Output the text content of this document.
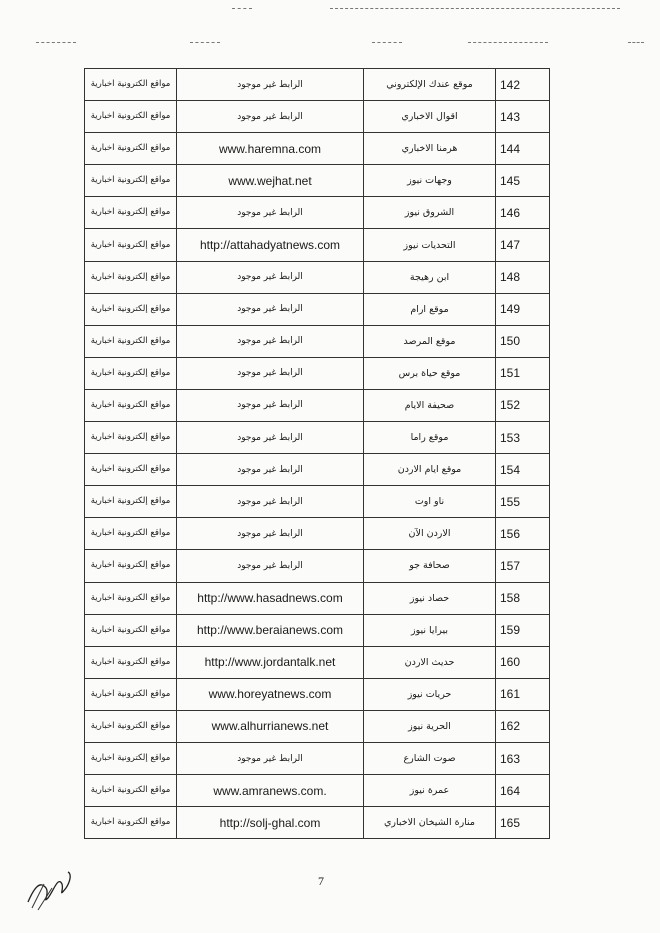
142	موقع عندك الإلكتروني	الرابط غير موجود	مواقع الكترونية اخبارية
143	اقوال الاخباري	الرابط غير موجود	مواقع الكترونية اخبارية
144	هرمنا الاخباري	www.haremna.com	مواقع الكترونية اخبارية
145	وجهات نيوز	www.wejhat.net	مواقع إلكترونية اخبارية
146	الشروق نيوز	الرابط غير موجود	مواقع إلكترونية اخبارية
147	التحديات نيوز	http://attahadyatnews.com	مواقع إلكترونية اخبارية
148	ابن رهيجة	الرابط غير موجود	مواقع إلكترونية اخبارية
149	موقع ارام	الرابط غير موجود	مواقع إلكترونية اخبارية
150	موقع المرصد	الرابط غير موجود	مواقع الكترونية اخبارية
151	موقع حياة برس	الرابط غير موجود	مواقع إلكترونية اخبارية
152	صحيفة الايام	الرابط غير موجود	مواقع الكترونية اخبارية
153	موقع راما	الرابط غير موجود	مواقع إلكترونية اخبارية
154	موقع ايام الاردن	الرابط غير موجود	مواقع الكترونية اخبارية
155	ناو اوت	الرابط غير موجود	مواقع إلكترونية اخبارية
156	الاردن الآن	الرابط غير موجود	مواقع الكترونية اخبارية
157	صحافة جو	الرابط غير موجود	مواقع إلكترونية اخبارية
158	حصاد نيوز	http://www.hasadnews.com	مواقع الكترونية اخبارية
159	بيرايا نيوز	http://www.beraianews.com	مواقع الكترونية اخبارية
160	حديث الاردن	http://www.jordantalk.net	مواقع الكترونية اخبارية
161	حريات نيوز	www.horeyatnews.com	مواقع الكترونية اخبارية
162	الحرية نيوز	www.alhurrianews.net	مواقع الكترونية اخبارية
163	صوت الشارع	الرابط غير موجود	مواقع إلكترونية اخبارية
164	عمرة نيوز	www.amranews.com.	مواقع الكترونية اخبارية
165	منارة الشيخان الاخباري	http://solj-ghal.com	مواقع الكترونية اخبارية
7
